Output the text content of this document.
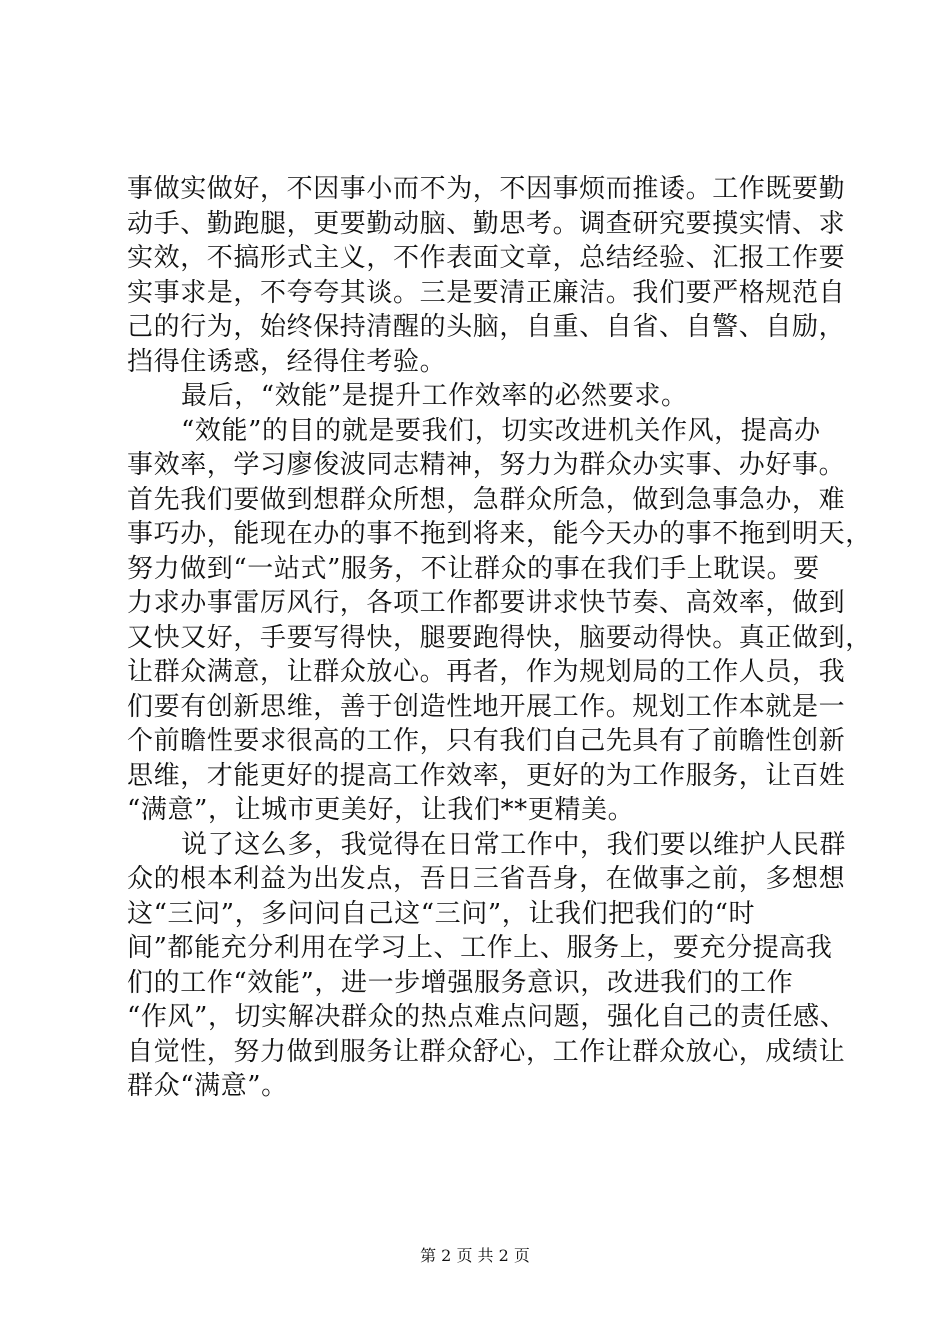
事做实做好，不因事小而不为，不因事烦而推诿。工作既要勤
动手、勤跑腿，更要勤动脑、勤思考。调查研究要摸实情、求
实效，不搞形式主义，不作表面文章，总结经验、汇报工作要
实事求是，不夸夸其谈。三是要清正廉洁。我们要严格规范自
己的行为，始终保持清醒的头脑，自重、自省、自警、自励，
挡得住诱惑，经得住考验。
最后，“效能”是提升工作效率的必然要求。
“效能”的目的就是要我们，切实改进机关作风，提高办
事效率，学习廖俊波同志精神，努力为群众办实事、办好事。
首先我们要做到想群众所想，急群众所急，做到急事急办，难
事巧办，能现在办的事不拖到将来，能今天办的事不拖到明天，
努力做到“一站式”服务，不让群众的事在我们手上耽误。要
力求办事雷厉风行，各项工作都要讲求快节奏、高效率，做到
又快又好，手要写得快，腿要跑得快，脑要动得快。真正做到，
让群众满意，让群众放心。再者，作为规划局的工作人员，我
们要有创新思维，善于创造性地开展工作。规划工作本就是一
个前瞻性要求很高的工作，只有我们自己先具有了前瞻性创新
思维，才能更好的提高工作效率，更好的为工作服务，让百姓
“满意”，让城市更美好，让我们**更精美。
说了这么多，我觉得在日常工作中，我们要以维护人民群
众的根本利益为出发点，吾日三省吾身，在做事之前，多想想
这“三问”，多问问自己这“三问”，让我们把我们的“时
间”都能充分利用在学习上、工作上、服务上，要充分提高我
们的工作“效能”，进一步增强服务意识，改进我们的工作
“作风”，切实解决群众的热点难点问题，强化自己的责任感、
自觉性，努力做到服务让群众舒心，工作让群众放心，成绩让
群众“满意”。
第 2 页 共 2 页
